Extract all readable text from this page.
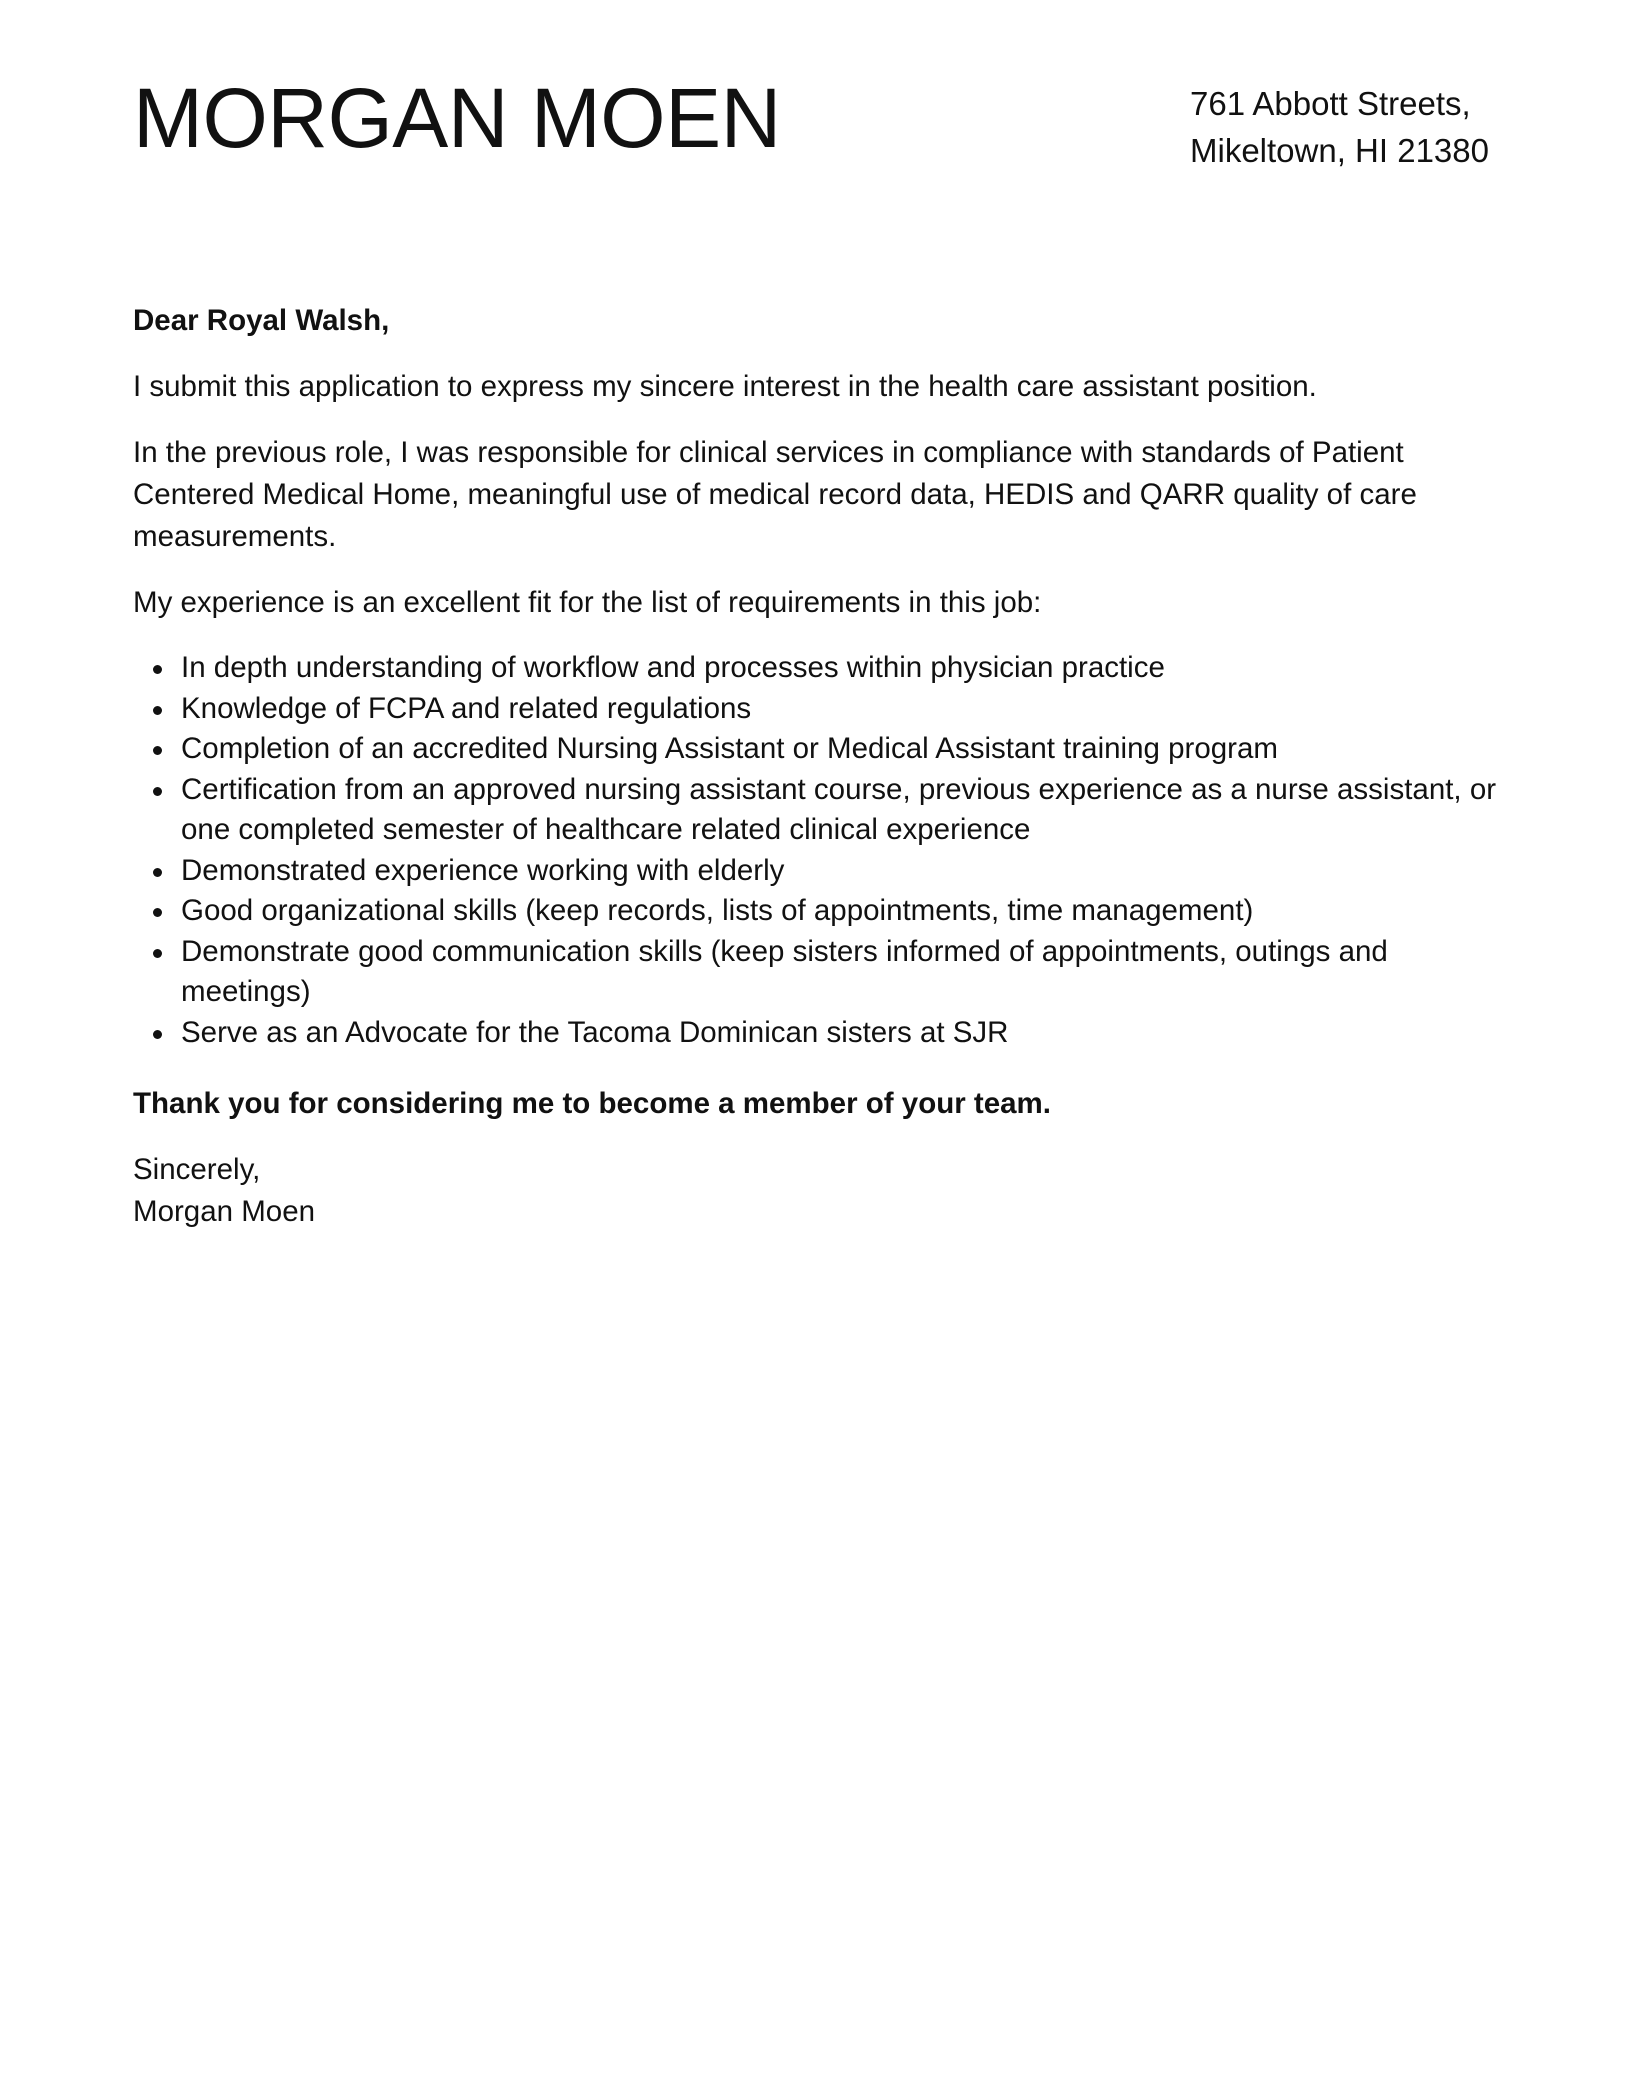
MORGAN MOEN	761 Abbott Streets,
Mikeltown, HI 21380

Dear Royal Walsh,

I submit this application to express my sincere interest in the health care assistant position.

In the previous role, I was responsible for clinical services in compliance with standards of Patient Centered Medical Home, meaningful use of medical record data, HEDIS and QARR quality of care measurements.

My experience is an excellent fit for the list of requirements in this job:

In depth understanding of workflow and processes within physician practice
Knowledge of FCPA and related regulations
Completion of an accredited Nursing Assistant or Medical Assistant training program
Certification from an approved nursing assistant course, previous experience as a nurse assistant, or one completed semester of healthcare related clinical experience
Demonstrated experience working with elderly
Good organizational skills (keep records, lists of appointments, time management)
Demonstrate good communication skills (keep sisters informed of appointments, outings and meetings)
Serve as an Advocate for the Tacoma Dominican sisters at SJR

Thank you for considering me to become a member of your team.

Sincerely,
Morgan Moen
